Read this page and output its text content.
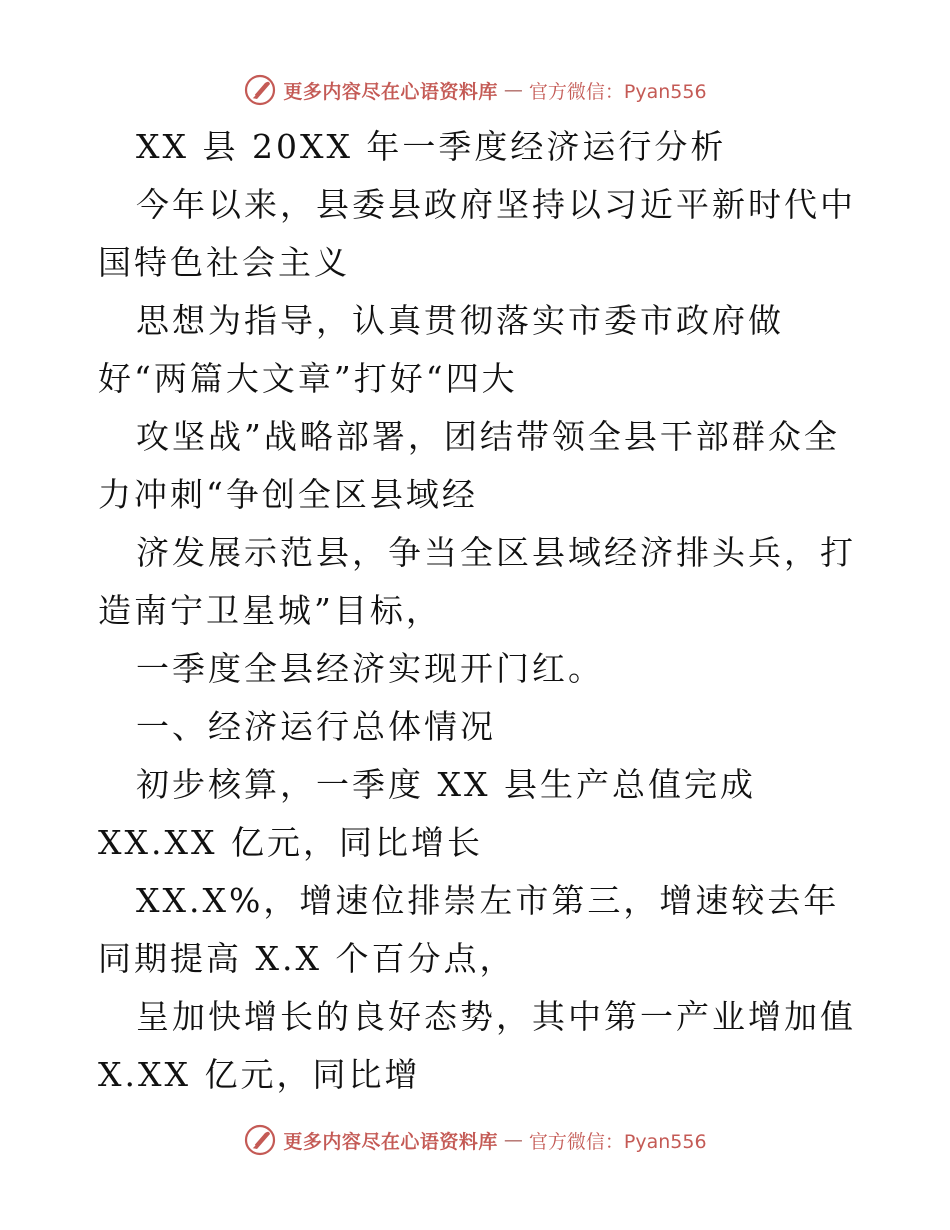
更多内容尽在心语资料库 — 官方微信：Pyan556

XX 县 20XX 年一季度经济运行分析

今年以来，县委县政府坚持以习近平新时代中国特色社会主义

思想为指导，认真贯彻落实市委市政府做好“两篇大文章”打好“四大

攻坚战”战略部署，团结带领全县干部群众全力冲刺“争创全区县域经

济发展示范县，争当全区县域经济排头兵，打造南宁卫星城”目标，

一季度全县经济实现开门红。

一、经济运行总体情况

初步核算，一季度 XX 县生产总值完成 XX.XX 亿元，同比增长

XX.X%，增速位排崇左市第三，增速较去年同期提高 X.X 个百分点，

呈加快增长的良好态势，其中第一产业增加值 X.XX 亿元，同比增

更多内容尽在心语资料库 — 官方微信：Pyan556
